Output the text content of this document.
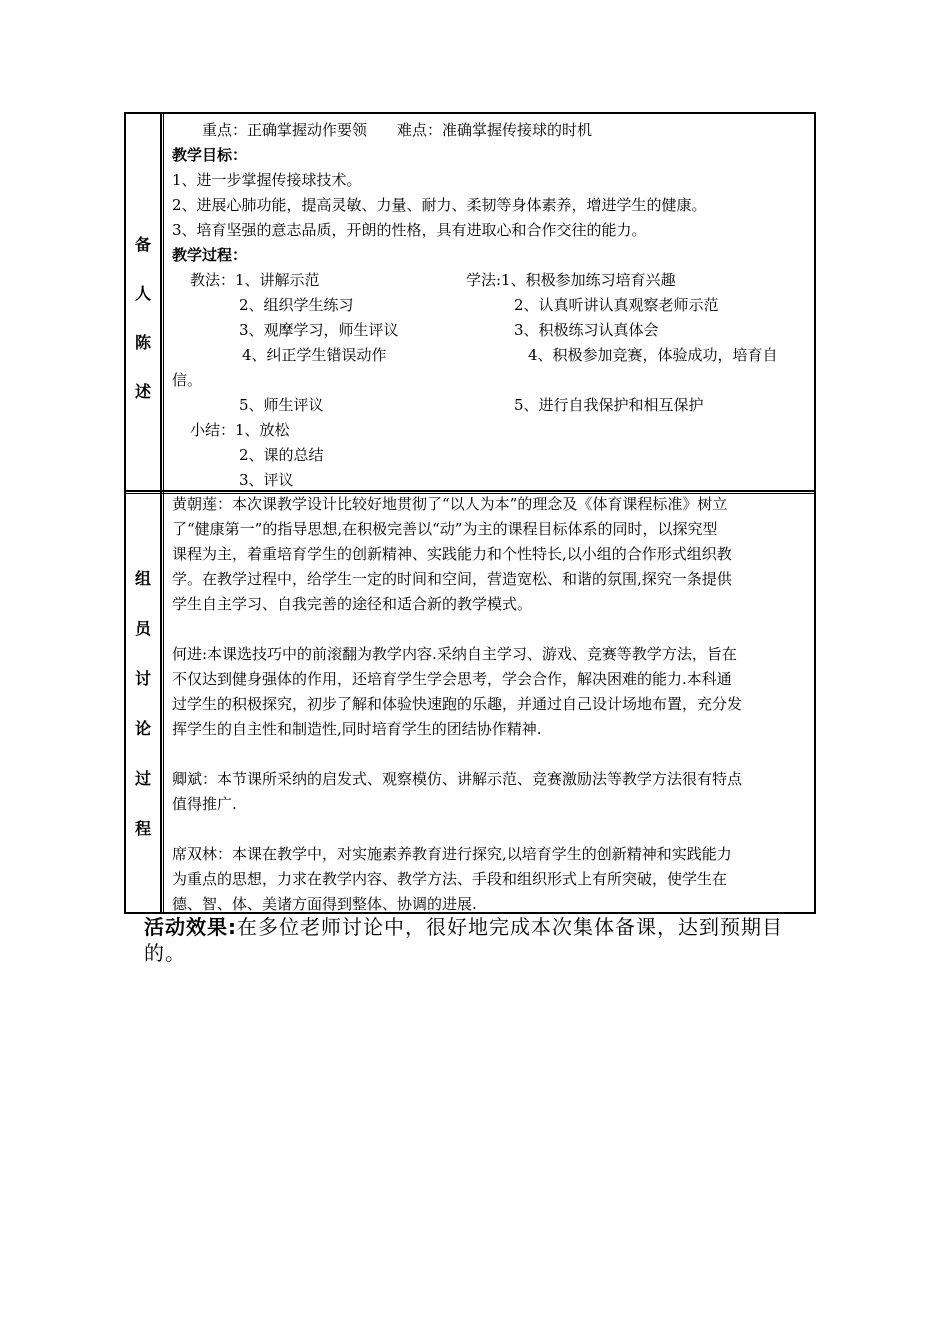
备
人
陈
述
重点：正确掌握动作要领　　难点：准确掌握传接球的时机
教学目标：
1、进一步掌握传接球技术。
2、进展心肺功能，提高灵敏、力量、耐力、柔韧等身体素养，增进学生的健康。
3、培育坚强的意志品质，开朗的性格，具有进取心和合作交往的能力。
教学过程：
教法：1、讲解示范	学法:1、积极参加练习培育兴趣
2、组织学生练习	2、认真听讲认真观察老师示范
3、观摩学习，师生评议	3、积极练习认真体会
4、纠正学生错误动作	4、积极参加竞赛，体验成功，培育自
信。
5、师生评议	5、进行自我保护和相互保护
小结：1、放松
2、课的总结
3、评议
组
员
讨
论
过
程
黄朝莲：本次课教学设计比较好地贯彻了“以人为本”的理念及《体育课程标准》树立
了“健康第一”的指导思想,在积极完善以“动”为主的课程目标体系的同时，以探究型
课程为主，着重培育学生的创新精神、实践能力和个性特长,以小组的合作形式组织教
学。在教学过程中，给学生一定的时间和空间，营造宽松、和谐的氛围,探究一条提供
学生自主学习、自我完善的途径和适合新的教学模式。
何进:本课选技巧中的前滚翻为教学内容.采纳自主学习、游戏、竞赛等教学方法，旨在
不仅达到健身强体的作用，还培育学生学会思考，学会合作，解决困难的能力.本科通
过学生的积极探究，初步了解和体验快速跑的乐趣，并通过自己设计场地布置，充分发
挥学生的自主性和制造性,同时培育学生的团结协作精神.
卿斌：本节课所采纳的启发式、观察模仿、讲解示范、竞赛激励法等教学方法很有特点
值得推广.
席双林：本课在教学中，对实施素养教育进行探究,以培育学生的创新精神和实践能力
为重点的思想，力求在教学内容、教学方法、手段和组织形式上有所突破，使学生在
德、智、体、美诸方面得到整体、协调的进展.
活动效果:在多位老师讨论中，很好地完成本次集体备课，达到预期目的。
